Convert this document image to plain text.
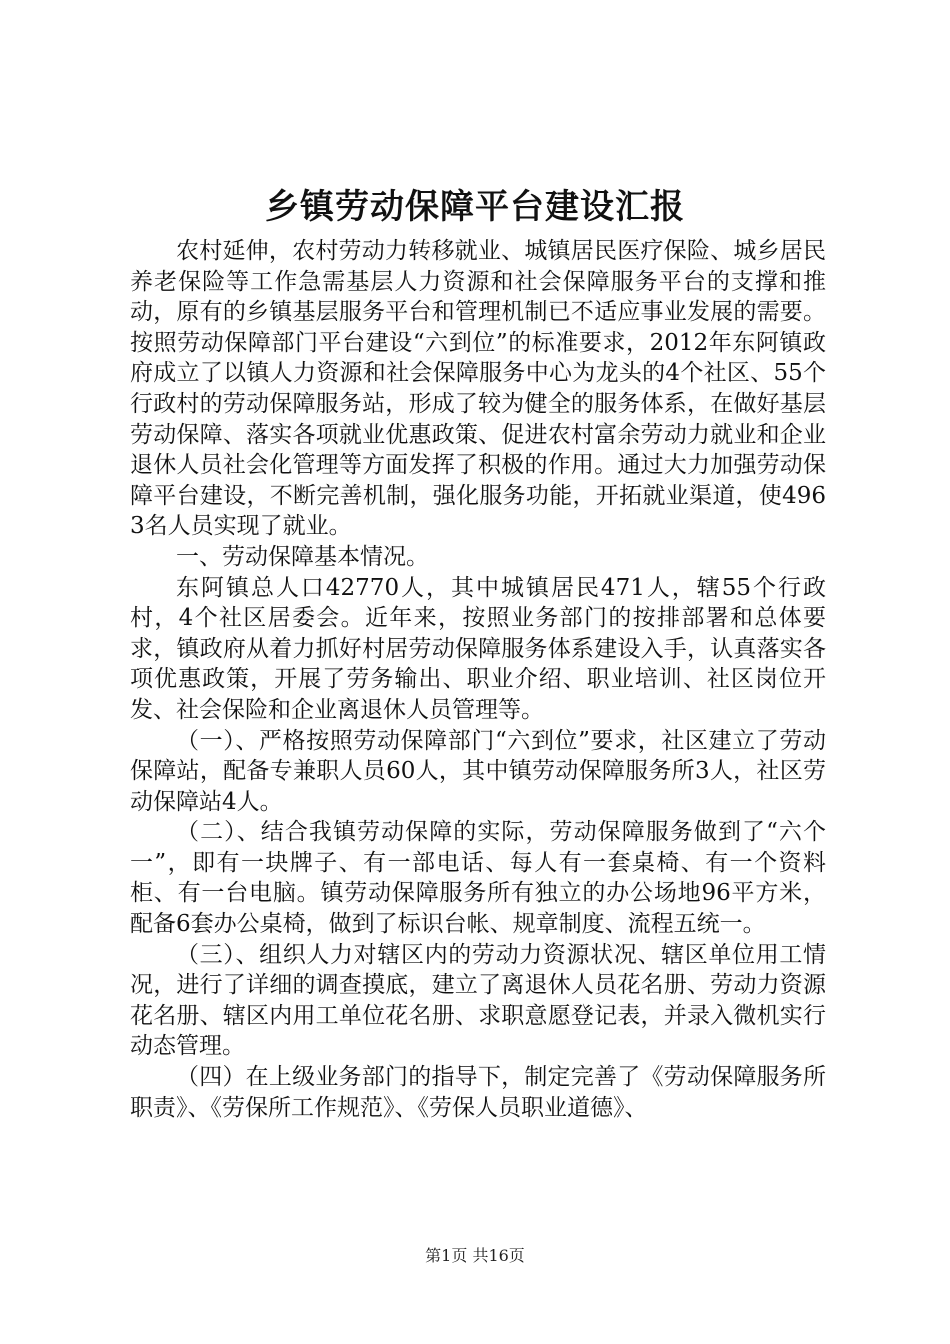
乡镇劳动保障平台建设汇报

农村延伸，农村劳动力转移就业、城镇居民医疗保险、城乡居民养老保险等工作急需基层人力资源和社会保障服务平台的支撑和推动，原有的乡镇基层服务平台和管理机制已不适应事业发展的需要。按照劳动保障部门平台建设“六到位”的标准要求，2012年东阿镇政府成立了以镇人力资源和社会保障服务中心为龙头的4个社区、55个行政村的劳动保障服务站，形成了较为健全的服务体系，在做好基层劳动保障、落实各项就业优惠政策、促进农村富余劳动力就业和企业退休人员社会化管理等方面发挥了积极的作用。通过大力加强劳动保障平台建设，不断完善机制，强化服务功能，开拓就业渠道，使4963名人员实现了就业。

一、劳动保障基本情况。

东阿镇总人口42770人，其中城镇居民471人，辖55个行政村，4个社区居委会。近年来，按照业务部门的按排部署和总体要求，镇政府从着力抓好村居劳动保障服务体系建设入手，认真落实各项优惠政策，开展了劳务输出、职业介绍、职业培训、社区岗位开发、社会保险和企业离退休人员管理等。

（一）、严格按照劳动保障部门“六到位”要求，社区建立了劳动保障站，配备专兼职人员60人，其中镇劳动保障服务所3人，社区劳动保障站4人。

（二）、结合我镇劳动保障的实际，劳动保障服务做到了“六个一”，即有一块牌子、有一部电话、每人有一套桌椅、有一个资料柜、有一台电脑。镇劳动保障服务所有独立的办公场地96平方米，配备6套办公桌椅，做到了标识台帐、规章制度、流程五统一。

（三）、组织人力对辖区内的劳动力资源状况、辖区单位用工情况，进行了详细的调查摸底，建立了离退休人员花名册、劳动力资源花名册、辖区内用工单位花名册、求职意愿登记表，并录入微机实行动态管理。

（四）在上级业务部门的指导下，制定完善了《劳动保障服务所职责》、《劳保所工作规范》、《劳保人员职业道德》、

第1页 共16页
